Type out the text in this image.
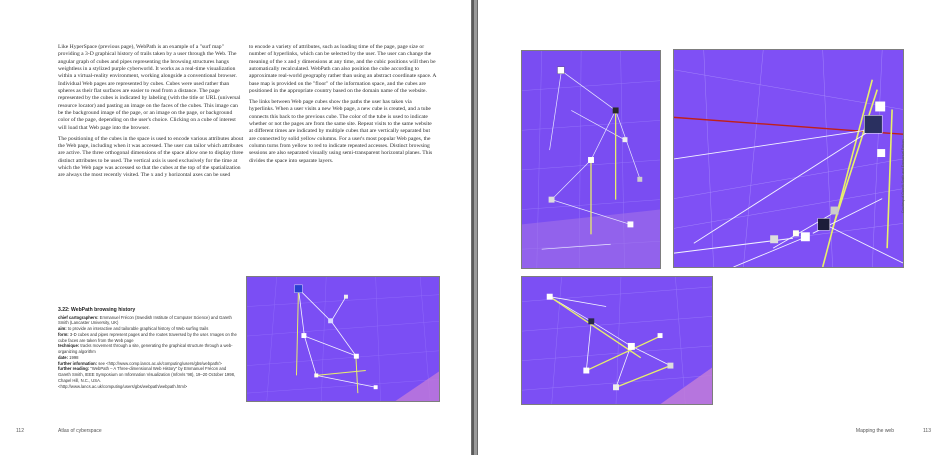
Like HyperSpace (previous page), WebPath is an example of a "surf map" providing a 3-D graphical history of trails taken by a user through the Web. The angular graph of cubes and pipes representing the browsing structures hangs weightless in a stylized purple cyberworld. It works as a real-time visualization within a virtual-reality environment, working alongside a conventional browser. Individual Web pages are represented by cubes. Cubes were used rather than spheres as their flat surfaces are easier to read from a distance. The page represented by the cubes is indicated by labeling (with the title or URL (universal resource locator) and pasting an image on the faces of the cubes. This image can be the background image of the page, or an image on the page, or background color of the page, depending on the user's choice. Clicking on a cube of interest will load that Web page into the browser.

The positioning of the cubes in the space is used to encode various attributes about the Web page, including when it was accessed. The user can tailor which attributes are active. The three orthogonal dimensions of the space allow one to display three distinct attributes to be used. The vertical axis is used exclusively for the time at which the Web page was accessed so that the cubes at the top of the spatialization are always the most recently visited. The x and y horizontal axes can be used

to encode a variety of attributes, such as loading time of the page, page size or number of hyperlinks, which can be selected by the user. The user can change the meaning of the x and y dimensions at any time, and the cubic positions will then be automatically recalculated. WebPath can also position the cube according to approximate real-world geography rather than using an abstract coordinate space. A base map is provided on the "floor" of the information space, and the cubes are positioned in the appropriate country based on the domain name of the website.

The links between Web page cubes show the paths the user has taken via hyperlinks. When a user visits a new Web page, a new cube is created, and a tube connects this back to the previous cube. The color of the tube is used to indicate whether or not the pages are from the same site. Repeat visits to the same website at different times are indicated by multiple cubes that are vertically separated but are connected by solid yellow columns. For a user's most popular Web pages, the column turns from yellow to red to indicate repeated accesses. Distinct browsing sessions are also separated visually using semi-transparent horizontal planes. This divides the space into separate layers.

3.22: WebPath browsing history
chief cartographers: Emmanuel Frécon (Swedish Institute of Computer Science) and Gareth Smith (Lancaster University, UK)
aim: to provide an interactive and tailorable graphical history of Web surfing trails
form: 3-D cubes and pipes represent pages and the routes traversed by the user. Images on the cube faces are taken from the Web page
technique: tracks movement through a site, generating the graphical structure through a web-organizing algorithm
date: 1998
further information: see <http://www.comp.lancs.ac.uk/computing/users/gbs/webpath/>
further reading: "WebPath – A Three-dimensional Web History" by Emmanuel Frécon and Gareth Smith, IEEE Symposium on Information Visualization (InfoVis '98), 19–20 October 1998, Chapel Hill, N.C., USA.
<http://www.lancs.ac.uk/computing/users/gbs/webpath/webpath.html>
112	Atlas of cyberspace
Courtesy of Gareth Smith and Emmanuel Frécon
Mapping the web	113
